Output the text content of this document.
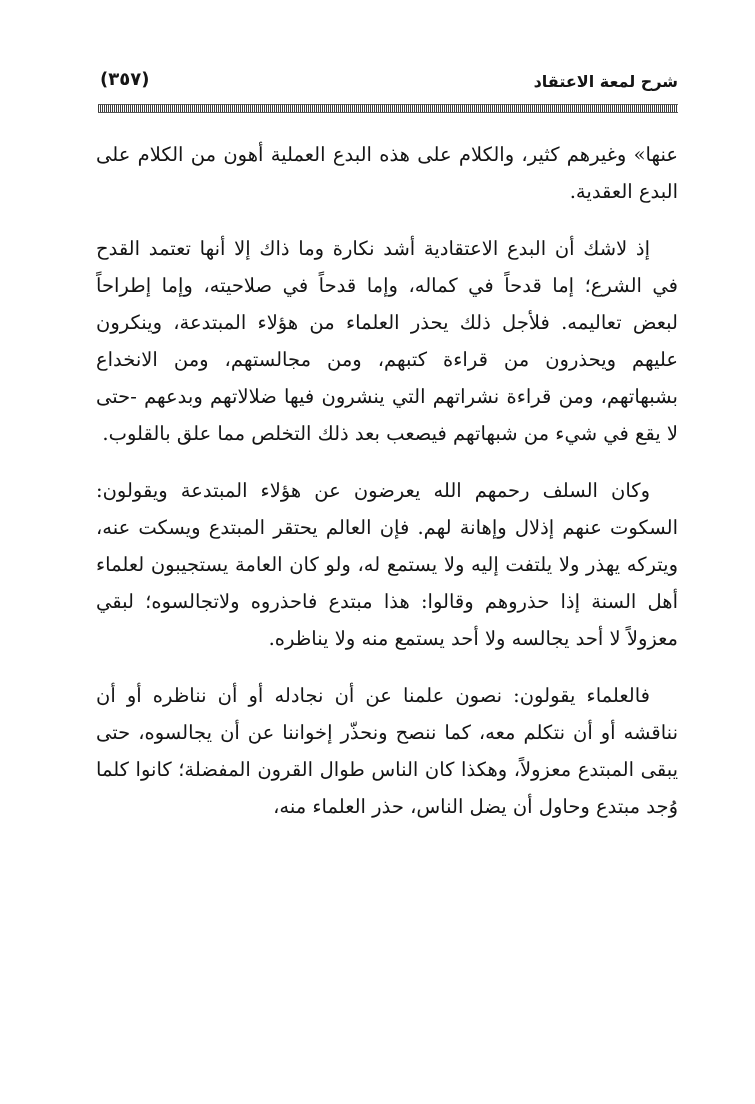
شرح لمعة الاعتقاد
(٣٥٧)

عنها» وغيرهم كثير، والكلام على هذه البدع العملية أهون من الكلام على البدع العقدية.

إذ لاشك أن البدع الاعتقادية أشد نكارة وما ذاك إلا أنها تعتمد القدح في الشرع؛ إما قدحاً في كماله، وإما قدحاً في صلاحيته، وإما إطراحاً لبعض تعاليمه. فلأجل ذلك يحذر العلماء من هؤلاء المبتدعة، وينكرون عليهم ويحذرون من قراءة كتبهم، ومن مجالستهم، ومن الانخداع بشبهاتهم، ومن قراءة نشراتهم التي ينشرون فيها ضلالاتهم وبدعهم -حتى لا يقع في شيء من شبهاتهم فيصعب بعد ذلك التخلص مما علق بالقلوب.

وكان السلف رحمهم الله يعرضون عن هؤلاء المبتدعة ويقولون: السكوت عنهم إذلال وإهانة لهم. فإن العالم يحتقر المبتدع ويسكت عنه، ويتركه يهذر ولا يلتفت إليه ولا يستمع له، ولو كان العامة يستجيبون لعلماء أهل السنة إذا حذروهم وقالوا: هذا مبتدع فاحذروه ولاتجالسوه؛ لبقي معزولاً لا أحد يجالسه ولا أحد يستمع منه ولا يناظره.

فالعلماء يقولون: نصون علمنا عن أن نجادله أو أن نناظره أو أن نناقشه أو أن نتكلم معه، كما ننصح ونحذّر إخواننا عن أن يجالسوه، حتى يبقى المبتدع معزولاً، وهكذا كان الناس طوال القرون المفضلة؛ كانوا كلما وُجد مبتدع وحاول أن يضل الناس، حذر العلماء منه،
